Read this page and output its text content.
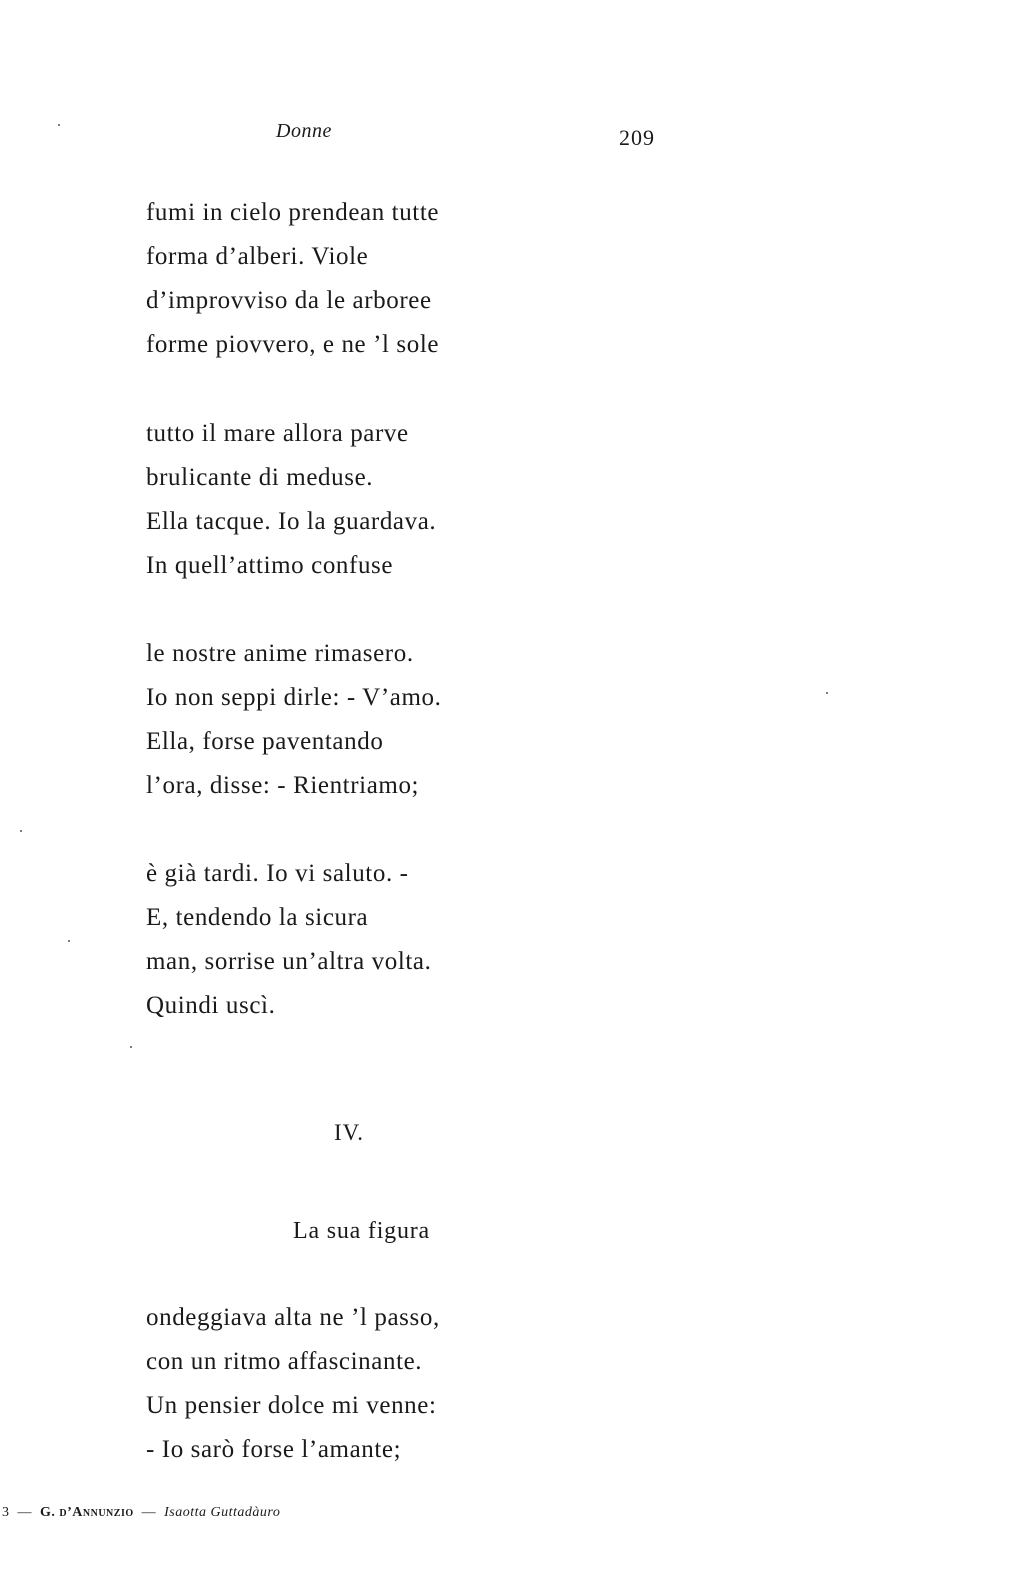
Donne	209
fumi in cielo prendean tutte
forma d’alberi. Viole
d’improvviso da le arboree
forme piovvero, e ne ’l sole
tutto il mare allora parve
brulicante di meduse.
Ella tacque. Io la guardava.
In quell’attimo confuse
le nostre anime rimasero.
Io non seppi dirle: - V’amo.
Ella, forse paventando
l’ora, disse: - Rientriamo;
è già tardi. Io vi saluto. -
E, tendendo la sicura
man, sorrise un’altra volta.
Quindi uscì.
IV.
La sua figura
ondeggiava alta ne ’l passo,
con un ritmo affascinante.
Un pensier dolce mi venne:
- Io sarò forse l’amante;
3  —  G. d’Annunzio  —  Isaotta Guttadàuro
